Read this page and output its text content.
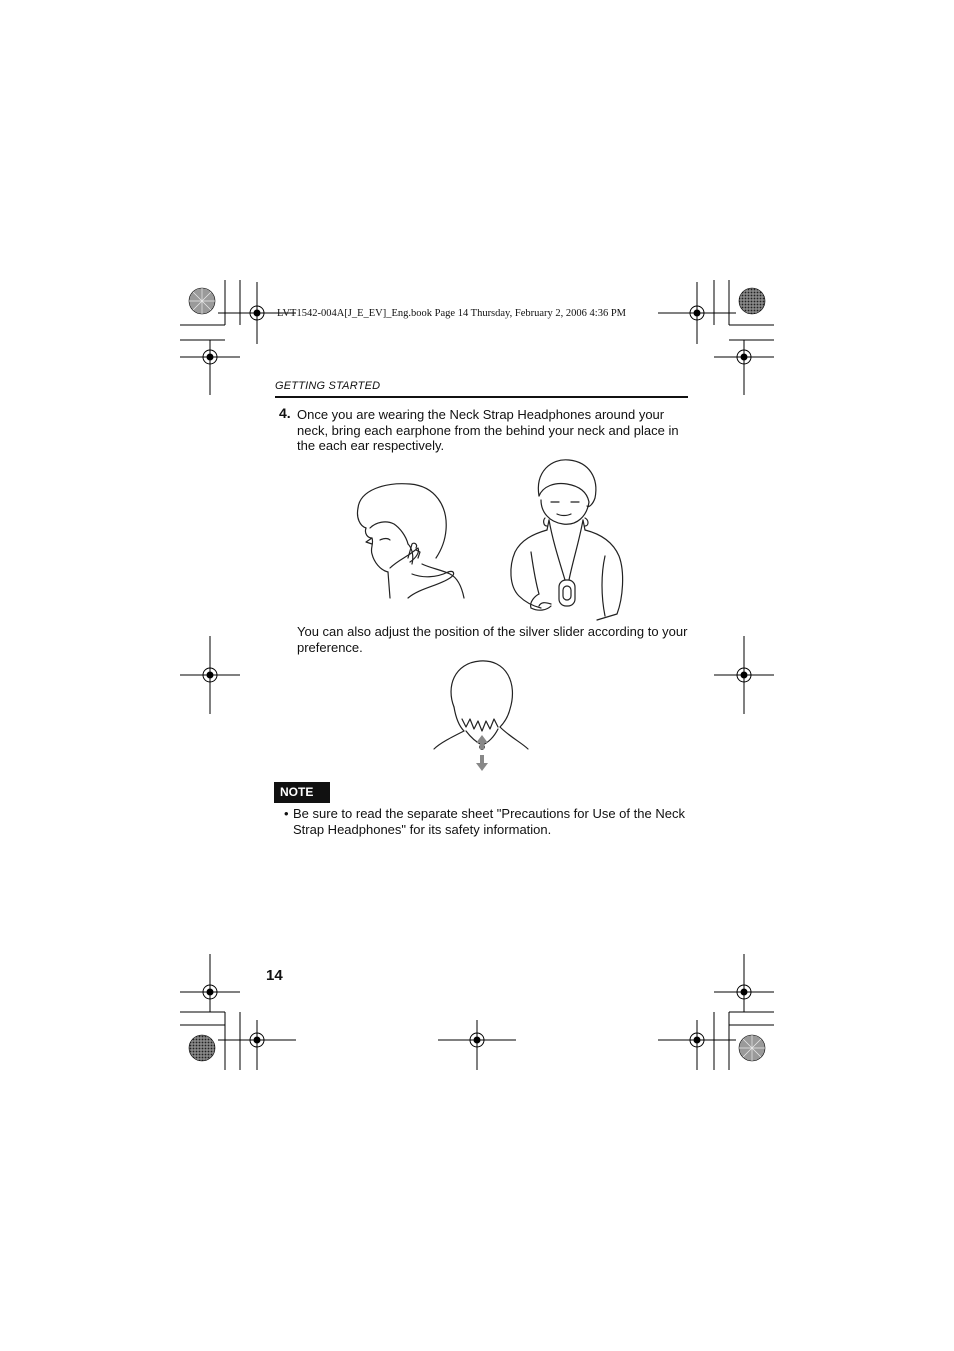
LVT1542-004A[J_E_EV]_Eng.book Page 14 Thursday, February 2, 2006 4:36 PM
GETTING STARTED
4. Once you are wearing the Neck Strap Headphones around your neck, bring each earphone from the behind your neck and place in the each ear respectively.
You can also adjust the position of the silver slider according to your preference.
NOTE
• Be sure to read the separate sheet "Precautions for Use of the Neck Strap Headphones" for its safety information.
14
